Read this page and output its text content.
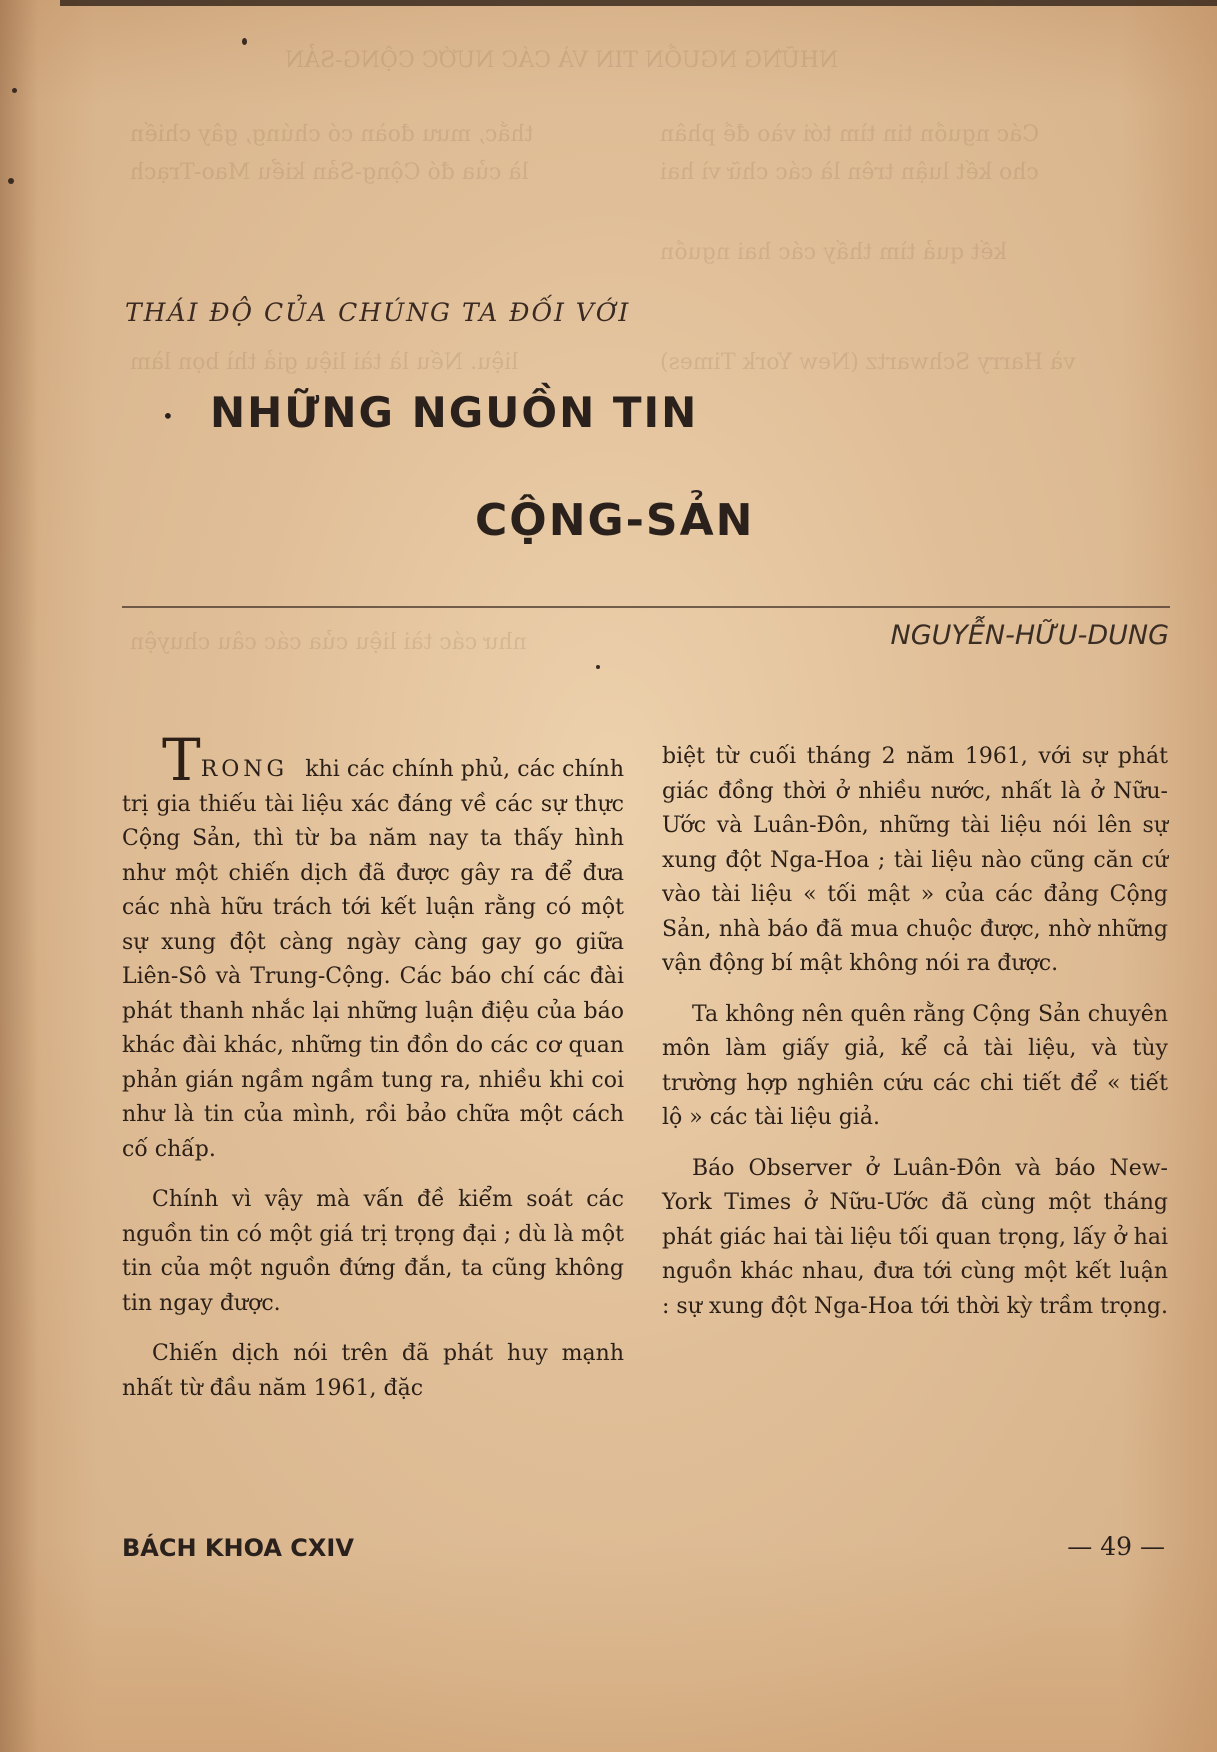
NHỮNG NGUỒN TIN VÀ CÁC NƯỚC CỘNG-SẢN
Các nguồn tin tìm tới vào đề phân
thắc, mưu đoàn có chúng, gây chiến
là của đó Cộng-Sản kiểu Mao-Trạch	cho kết luận trên là các chữ vì hai
kết quả tìm thấy các hai nguồn
và Harry Schwartz (New York Times)
liệu. Nếu là tài liệu giả thì bọn làm
như các tài liệu của các câu chuyện
THÁI ĐỘ CỦA CHÚNG TA ĐỐI VỚI
• NHỮNG NGUỒN TIN
CỘNG-SẢN
NGUYỄN-HỮU-DUNG

TRONG khi các chính phủ, các chính trị gia thiếu tài liệu xác đáng về các sự thực Cộng Sản, thì từ ba năm nay ta thấy hình như một chiến dịch đã được gây ra để đưa các nhà hữu trách tới kết luận rằng có một sự xung đột càng ngày càng gay go giữa Liên-Sô và Trung-Cộng. Các báo chí các đài phát thanh nhắc lại những luận điệu của báo khác đài khác, những tin đồn do các cơ quan phản gián ngầm ngầm tung ra, nhiều khi coi như là tin của mình, rồi bảo chữa một cách cố chấp.

Chính vì vậy mà vấn đề kiểm soát các nguồn tin có một giá trị trọng đại ; dù là một tin của một nguồn đứng đắn, ta cũng không tin ngay được.

Chiến dịch nói trên đã phát huy mạnh nhất từ đầu năm 1961, đặc

biệt từ cuối tháng 2 năm 1961, với sự phát giác đồng thời ở nhiều nước, nhất là ở Nữu-Ước và Luân-Đôn, những tài liệu nói lên sự xung đột Nga-Hoa ; tài liệu nào cũng căn cứ vào tài liệu « tối mật » của các đảng Cộng Sản, nhà báo đã mua chuộc được, nhờ những vận động bí mật không nói ra được.

Ta không nên quên rằng Cộng Sản chuyên môn làm giấy giả, kể cả tài liệu, và tùy trường hợp nghiên cứu các chi tiết để « tiết lộ » các tài liệu giả.

Báo Observer ở Luân-Đôn và báo New-York Times ở Nữu-Ước đã cùng một tháng phát giác hai tài liệu tối quan trọng, lấy ở hai nguồn khác nhau, đưa tới cùng một kết luận : sự xung đột Nga-Hoa tới thời kỳ trầm trọng.

BÁCH KHOA CXIV	— 49 —
